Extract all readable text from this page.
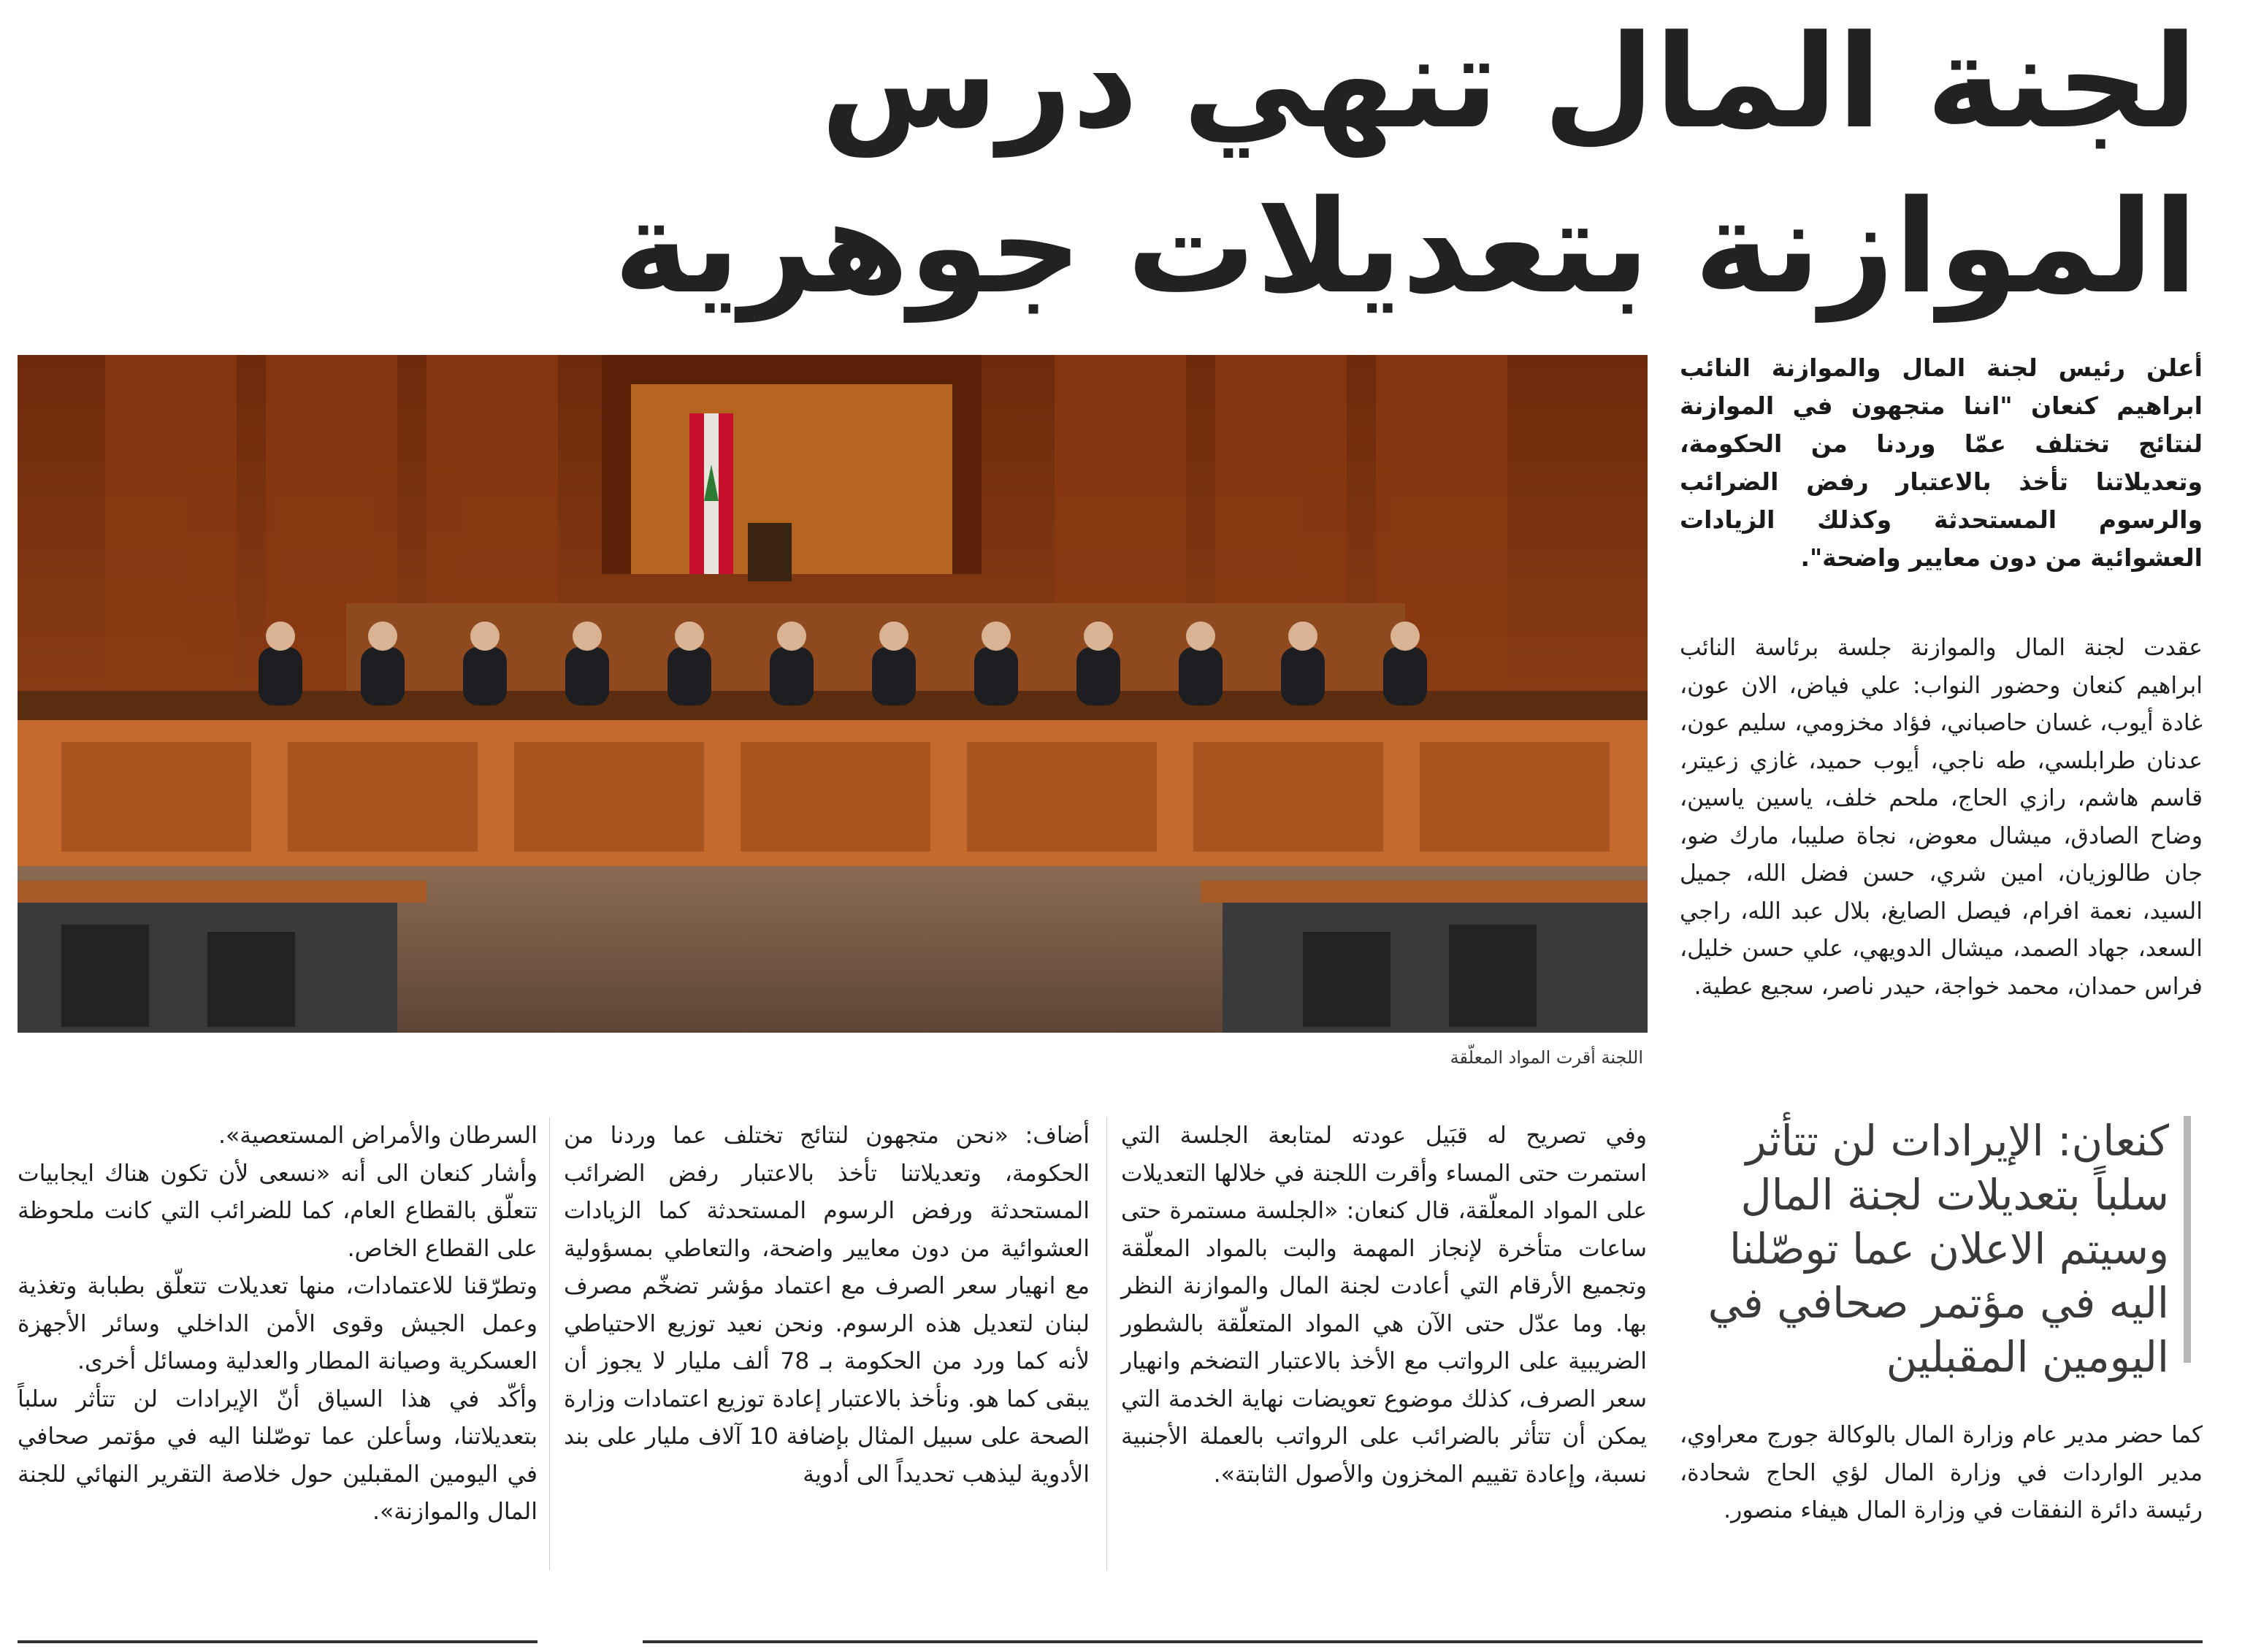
لجنة المال تنهي درس الموازنة بتعديلات جوهرية

أعلن رئيس لجنة المال والموازنة النائب ابراهيم كنعان "اننا متجهون في الموازنة لنتائج تختلف عمّا وردنا من الحكومة، وتعديلاتنا تأخذ بالاعتبار رفض الضرائب والرسوم المستحدثة وكذلك الزيادات العشوائية من دون معايير واضحة".

اللجنة أقرت المواد المعلّقة

عقدت لجنة المال والموازنة جلسة برئاسة النائب ابراهيم كنعان وحضور النواب: علي فياض، الان عون، غادة أيوب، غسان حاصباني، فؤاد مخزومي، سليم عون، عدنان طرابلسي، طه ناجي، أيوب حميد، غازي زعيتر، قاسم هاشم، رازي الحاج، ملحم خلف، ياسين ياسين، وضاح الصادق، ميشال معوض، نجاة صليبا، مارك ضو، جان طالوزيان، امين شري، حسن فضل الله، جميل السيد، نعمة افرام، فيصل الصايغ، بلال عبد الله، راجي السعد، جهاد الصمد، ميشال الدويهي، علي حسن خليل، فراس حمدان، محمد خواجة، حيدر ناصر، سجيع عطية.

كنعان: الإيرادات لن تتأثر سلباً بتعديلات لجنة المال وسيتم الاعلان عما توصّلنا اليه في مؤتمر صحافي في اليومين المقبلين

كما حضر مدير عام وزارة المال بالوكالة جورج معراوي، مدير الواردات في وزارة المال لؤي الحاج شحادة، رئيسة دائرة النفقات في وزارة المال هيفاء منصور.

وفي تصريح له قبَيل عودته لمتابعة الجلسة التي استمرت حتى المساء وأقرت اللجنة في خلالها التعديلات على المواد المعلّقة، قال كنعان: «الجلسة مستمرة حتى ساعات متأخرة لإنجاز المهمة والبت بالمواد المعلّقة وتجميع الأرقام التي أعادت لجنة المال والموازنة النظر بها. وما عدّل حتى الآن هي المواد المتعلّقة بالشطور الضريبية على الرواتب مع الأخذ بالاعتبار التضخم وانهيار سعر الصرف، كذلك موضوع تعويضات نهاية الخدمة التي يمكن أن تتأثر بالضرائب على الرواتب بالعملة الأجنبية نسبة، وإعادة تقييم المخزون والأصول الثابتة».

أضاف: «نحن متجهون لنتائج تختلف عما وردنا من الحكومة، وتعديلاتنا تأخذ بالاعتبار رفض الضرائب المستحدثة ورفض الرسوم المستحدثة كما الزيادات العشوائية من دون معايير واضحة، والتعاطي بمسؤولية مع انهيار سعر الصرف مع اعتماد مؤشر تضخّم مصرف لبنان لتعديل هذه الرسوم. ونحن نعيد توزيع الاحتياطي لأنه كما ورد من الحكومة بـ 78 ألف مليار لا يجوز أن يبقى كما هو. ونأخذ بالاعتبار إعادة توزيع اعتمادات وزارة الصحة على سبيل المثال بإضافة 10 آلاف مليار على بند الأدوية ليذهب تحديداً الى أدوية

السرطان والأمراض المستعصية».

وأشار كنعان الى أنه «نسعى لأن تكون هناك ايجابيات تتعلّق بالقطاع العام، كما للضرائب التي كانت ملحوظة على القطاع الخاص.

وتطرّقنا للاعتمادات، منها تعديلات تتعلّق بطبابة وتغذية وعمل الجيش وقوى الأمن الداخلي وسائر الأجهزة العسكرية وصيانة المطار والعدلية ومسائل أخرى.

وأكّد في هذا السياق أنّ الإيرادات لن تتأثر سلباً بتعديلاتنا، وسأعلن عما توصّلنا اليه في مؤتمر صحافي في اليومين المقبلين حول خلاصة التقرير النهائي للجنة المال والموازنة».
